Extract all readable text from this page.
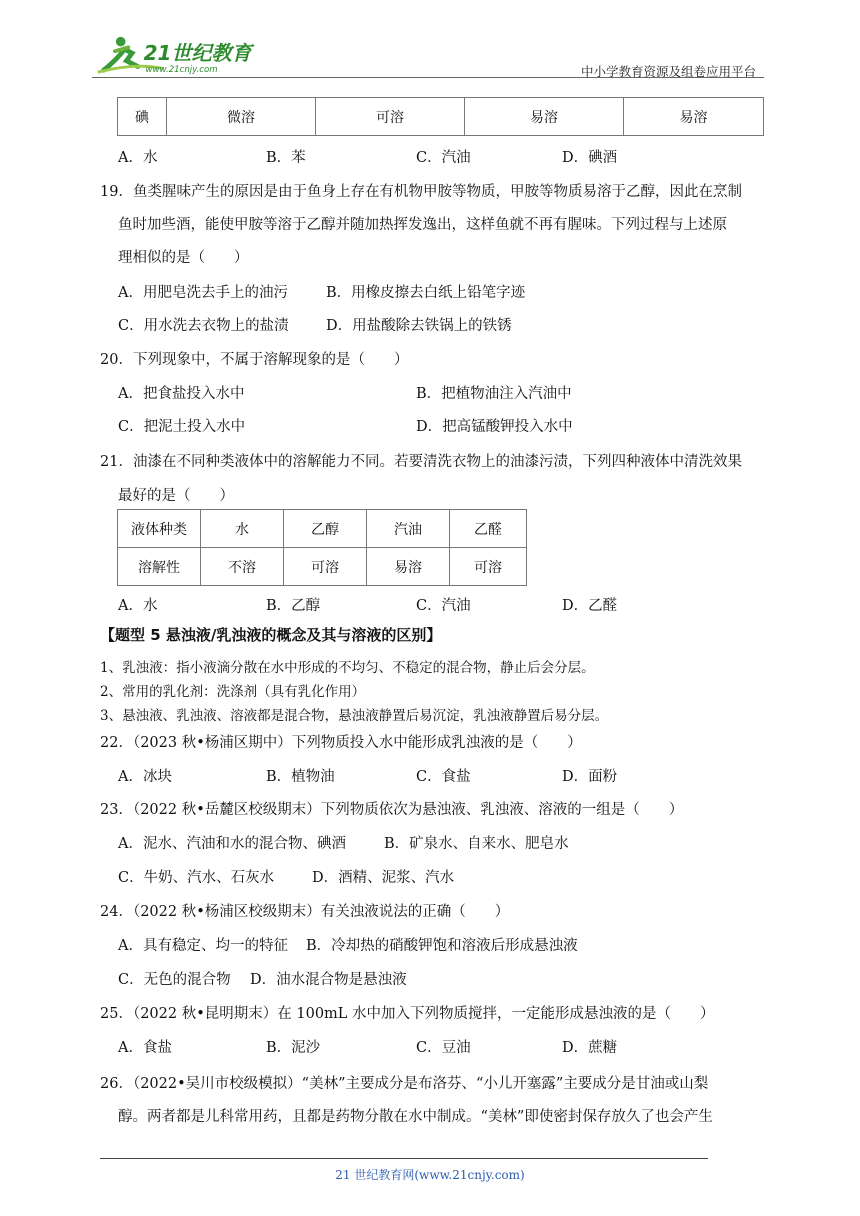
21世纪教育
www.21cnjy.com	中小学教育资源及组卷应用平台
碘	微溶	可溶	易溶	易溶
A．水	B．苯	C．汽油	D．碘酒
19．鱼类腥味产生的原因是由于鱼身上存在有机物甲胺等物质，甲胺等物质易溶于乙醇，因此在烹制
鱼时加些酒，能使甲胺等溶于乙醇并随加热挥发逸出，这样鱼就不再有腥味。下列过程与上述原
理相似的是（　　）
A．用肥皂洗去手上的油污	B．用橡皮擦去白纸上铅笔字迹
C．用水洗去衣物上的盐渍	D．用盐酸除去铁锅上的铁锈
20．下列现象中，不属于溶解现象的是（　　）
A．把食盐投入水中	B．把植物油注入汽油中
C．把泥土投入水中	D．把高锰酸钾投入水中
21．油漆在不同种类液体中的溶解能力不同。若要清洗衣物上的油漆污渍，下列四种液体中清洗效果
最好的是（　　）
液体种类	水	乙醇	汽油	乙醛
溶解性	不溶	可溶	易溶	可溶
A．水	B．乙醇	C．汽油	D．乙醛
【题型 5 悬浊液/乳浊液的概念及其与溶液的区别】
1、乳浊液：指小液滴分散在水中形成的不均匀、不稳定的混合物，静止后会分层。
2、常用的乳化剂：洗涤剂（具有乳化作用）
3、悬浊液、乳浊液、溶液都是混合物，悬浊液静置后易沉淀，乳浊液静置后易分层。
22．（2023 秋•杨浦区期中）下列物质投入水中能形成乳浊液的是（　　）
A．冰块	B．植物油	C．食盐	D．面粉
23．（2022 秋•岳麓区校级期末）下列物质依次为悬浊液、乳浊液、溶液的一组是（　　）
A．泥水、汽油和水的混合物、碘酒	B．矿泉水、自来水、肥皂水
C．牛奶、汽水、石灰水	D．酒精、泥浆、汽水
24．（2022 秋•杨浦区校级期末）有关浊液说法的正确（　　）
A．具有稳定、均一的特征 B．冷却热的硝酸钾饱和溶液后形成悬浊液
C．无色的混合物 D．油水混合物是悬浊液
25．（2022 秋•昆明期末）在 100mL 水中加入下列物质搅拌，一定能形成悬浊液的是（　　）
A．食盐	B．泥沙	C．豆油	D．蔗糖
26．（2022•吴川市校级模拟）“美林”主要成分是布洛芬、“小儿开塞露”主要成分是甘油或山梨
醇。两者都是儿科常用药，且都是药物分散在水中制成。“美林”即使密封保存放久了也会产生
21 世纪教育网(www.21cnjy.com)
